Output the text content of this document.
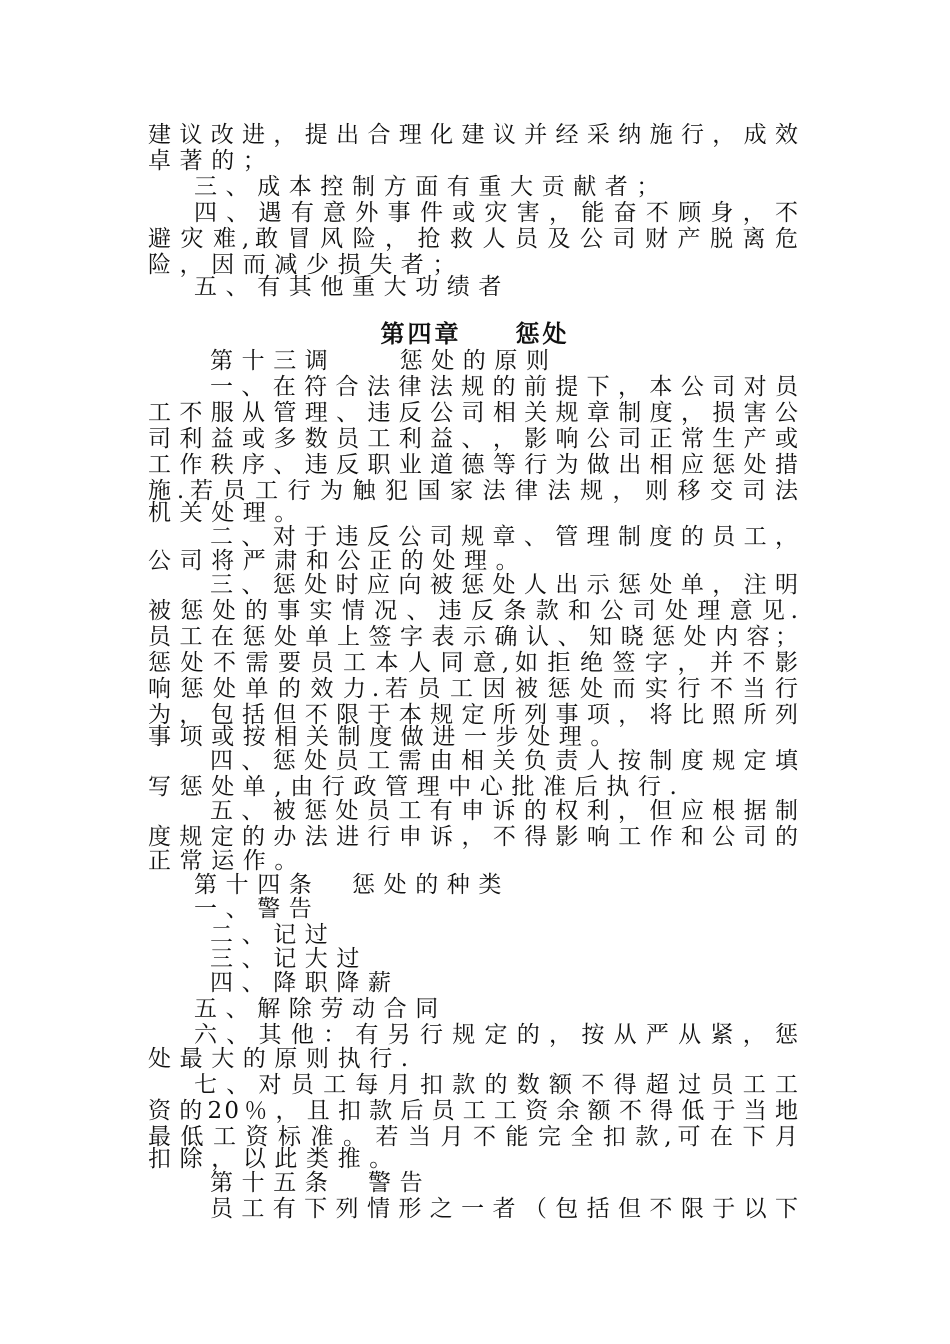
建 议 改 进 ， 提 出 合 理 化 建 议 并 经 采 纳 施 行 ， 成 效
卓著的；
三、成本控制方面有重大贡献者；
四 、 遇 有 意 外 事 件 或 灾 害 ， 能 奋 不 顾 身 ， 不
避 灾 难 , 敢 冒 风 险 ， 抢 救 人 员 及 公 司 财 产 脱 离 危
险，因而减少损失者；
五、有其他重大功绩者
第四章　　惩处
第十三调　　惩处的原则
一 、 在 符 合 法 律 法 规 的 前 提 下 ， 本 公 司 对 员
工 不 服 从 管 理 、 违 反 公 司 相 关 规 章 制 度 ， 损 害 公
司 利 益 或 多 数 员 工 利 益 、 ， 影 响 公 司 正 常 生 产 或
工 作 秩 序 、 违 反 职 业 道 德 等 行 为 做 出 相 应 惩 处 措
施 . 若 员 工 行 为 触 犯 国 家 法 律 法 规 ， 则 移 交 司 法
机关处理。
二 、 对 于 违 反 公 司 规 章 、 管 理 制 度 的 员 工 ，
公司将严肃和公正的处理。
三 、 惩 处 时 应 向 被 惩 处 人 出 示 惩 处 单 ， 注 明
被 惩 处 的 事 实 情 况 、 违 反 条 款 和 公 司 处 理 意 见 .
员 工 在 惩 处 单 上 签 字 表 示 确 认 、 知 晓 惩 处 内 容 ；
惩 处 不 需 要 员 工 本 人 同 意 , 如 拒 绝 签 字 ， 并 不 影
响 惩 处 单 的 效 力 . 若 员 工 因 被 惩 处 而 实 行 不 当 行
为 ， 包 括 但 不 限 于 本 规 定 所 列 事 项 ， 将 比 照 所 列
事项或按相关制度做进一步处理。
四 、 惩 处 员 工 需 由 相 关 负 责 人 按 制 度 规 定 填
写惩处单,由行政管理中心批准后执行.
五 、 被 惩 处 员 工 有 申 诉 的 权 利 ， 但 应 根 据 制
度 规 定 的 办 法 进 行 申 诉 ， 不 得 影 响 工 作 和 公 司 的
正常运作。
第十四条　惩处的种类
一、警告
二、记过
三、记大过
四、降职降薪
五、解除劳动合同
六 、 其 他 ： 有 另 行 规 定 的 ， 按 从 严 从 紧 ， 惩
处最大的原则执行.
七 、 对 员 工 每 月 扣 款 的 数 额 不 得 超 过 员 工 工
资 的 2 0 ％ ， 且 扣 款 后 员 工 工 资 余 额 不 得 低 于 当 地
最 低 工 资 标 准 。 若 当 月 不 能 完 全 扣 款 , 可 在 下 月
扣除，以此类推。
第十五条　警告
员 工 有 下 列 情 形 之 一 者 （ 包 括 但 不 限 于 以 下
